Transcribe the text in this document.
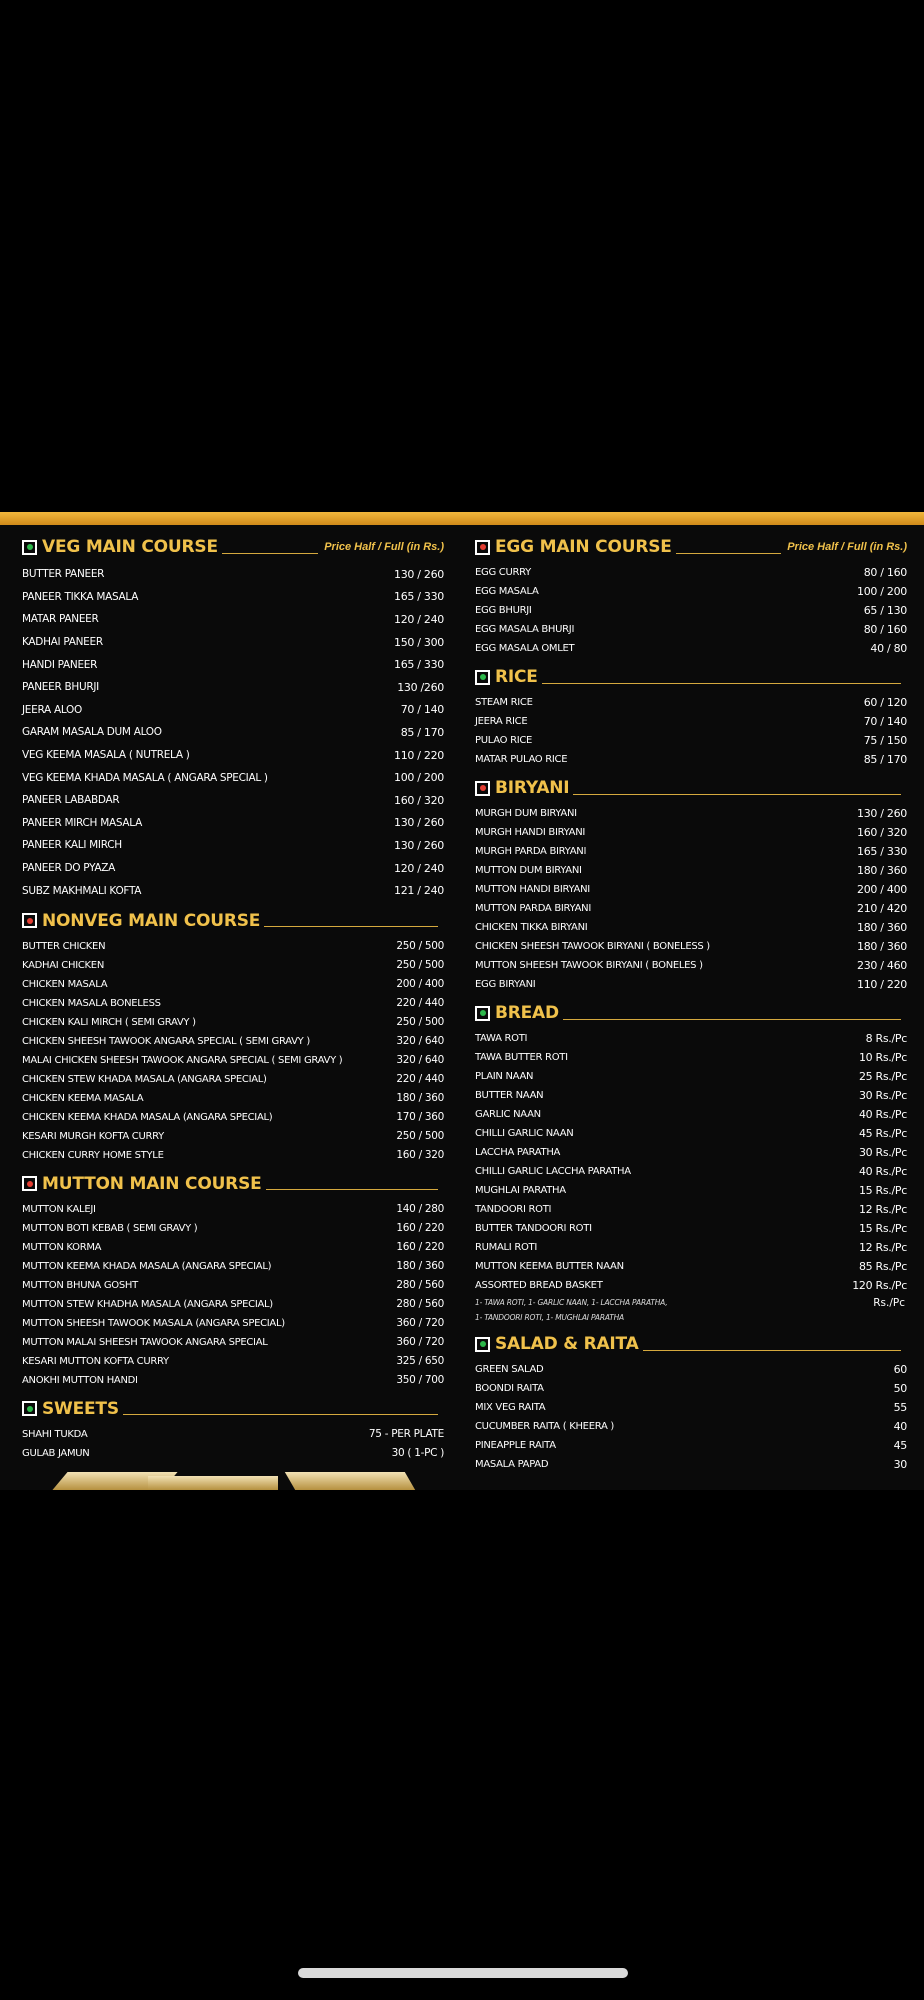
VEG MAIN COURSE	Price Half / Full (in Rs.)
BUTTER PANEER	130 / 260
PANEER TIKKA MASALA	165 / 330
MATAR PANEER	120 / 240
KADHAI PANEER	150 / 300
HANDI PANEER	165 / 330
PANEER BHURJI	130 /260
JEERA ALOO	70 / 140
GARAM MASALA DUM ALOO	85 / 170
VEG KEEMA MASALA ( NUTRELA )	110 / 220
VEG KEEMA KHADA MASALA ( ANGARA SPECIAL )	100 / 200
PANEER LABABDAR	160 / 320
PANEER MIRCH MASALA	130 / 260
PANEER KALI MIRCH	130 / 260
PANEER DO PYAZA	120 / 240
SUBZ MAKHMALI KOFTA	121 / 240
NONVEG MAIN COURSE
BUTTER CHICKEN	250 / 500
KADHAI CHICKEN	250 / 500
CHICKEN MASALA	200 / 400
CHICKEN MASALA BONELESS	220 / 440
CHICKEN KALI MIRCH ( SEMI GRAVY )	250 / 500
CHICKEN SHEESH TAWOOK ANGARA SPECIAL ( SEMI GRAVY )	320 / 640
MALAI CHICKEN SHEESH TAWOOK ANGARA SPECIAL ( SEMI GRAVY )	320 / 640
CHICKEN STEW KHADA MASALA (ANGARA SPECIAL)	220 / 440
CHICKEN KEEMA MASALA	180 / 360
CHICKEN KEEMA KHADA MASALA (ANGARA SPECIAL)	170 / 360
KESARI MURGH KOFTA CURRY	250 / 500
CHICKEN CURRY HOME STYLE	160 / 320
MUTTON MAIN COURSE
MUTTON KALEJI	140 / 280
MUTTON BOTI KEBAB ( SEMI GRAVY )	160 / 220
MUTTON KORMA	160 / 220
MUTTON KEEMA KHADA MASALA (ANGARA SPECIAL)	180 / 360
MUTTON BHUNA GOSHT	280 / 560
MUTTON STEW KHADHA MASALA (ANGARA SPECIAL)	280 / 560
MUTTON SHEESH TAWOOK MASALA (ANGARA SPECIAL)	360 / 720
MUTTON MALAI SHEESH TAWOOK ANGARA SPECIAL	360 / 720
KESARI MUTTON KOFTA CURRY	325 / 650
ANOKHI MUTTON HANDI	350 / 700
SWEETS
SHAHI TUKDA	75 - PER PLATE
GULAB JAMUN	30 ( 1-PC )
EGG MAIN COURSE	Price Half / Full (in Rs.)
EGG CURRY	80 / 160
EGG MASALA	100 / 200
EGG BHURJI	65 / 130
EGG MASALA BHURJI	80 / 160
EGG MASALA OMLET	40 / 80
RICE
STEAM RICE	60 / 120
JEERA RICE	70 / 140
PULAO RICE	75 / 150
MATAR PULAO RICE	85 / 170
BIRYANI
MURGH DUM BIRYANI	130 / 260
MURGH HANDI BIRYANI	160 / 320
MURGH PARDA BIRYANI	165 / 330
MUTTON DUM BIRYANI	180 / 360
MUTTON HANDI BIRYANI	200 / 400
MUTTON PARDA BIRYANI	210 / 420
CHICKEN TIKKA BIRYANI	180 / 360
CHICKEN SHEESH TAWOOK BIRYANI ( BONELESS )	180 / 360
MUTTON SHEESH TAWOOK BIRYANI ( BONELES )	230 / 460
EGG BIRYANI	110 / 220
BREAD
TAWA ROTI	8 Rs./Pc
TAWA BUTTER ROTI	10 Rs./Pc
PLAIN NAAN	25 Rs./Pc
BUTTER NAAN	30 Rs./Pc
GARLIC NAAN	40 Rs./Pc
CHILLI GARLIC NAAN	45 Rs./Pc
LACCHA PARATHA	30 Rs./Pc
CHILLI GARLIC LACCHA PARATHA	40 Rs./Pc
MUGHLAI PARATHA	15 Rs./Pc
TANDOORI ROTI	12 Rs./Pc
BUTTER TANDOORI ROTI	15 Rs./Pc
RUMALI ROTI	12 Rs./Pc
MUTTON KEEMA BUTTER NAAN	85 Rs./Pc
ASSORTED BREAD BASKET	120 Rs./Pc
1- TAWA ROTI, 1- GARLIC NAAN, 1- LACCHA PARATHA,
1- TANDOORI ROTI, 1- MUGHLAI PARATHA
Rs./Pc
SALAD & RAITA
GREEN SALAD	60
BOONDI RAITA	50
MIX VEG RAITA	55
CUCUMBER RAITA ( KHEERA )	40
PINEAPPLE RAITA	45
MASALA PAPAD	30
